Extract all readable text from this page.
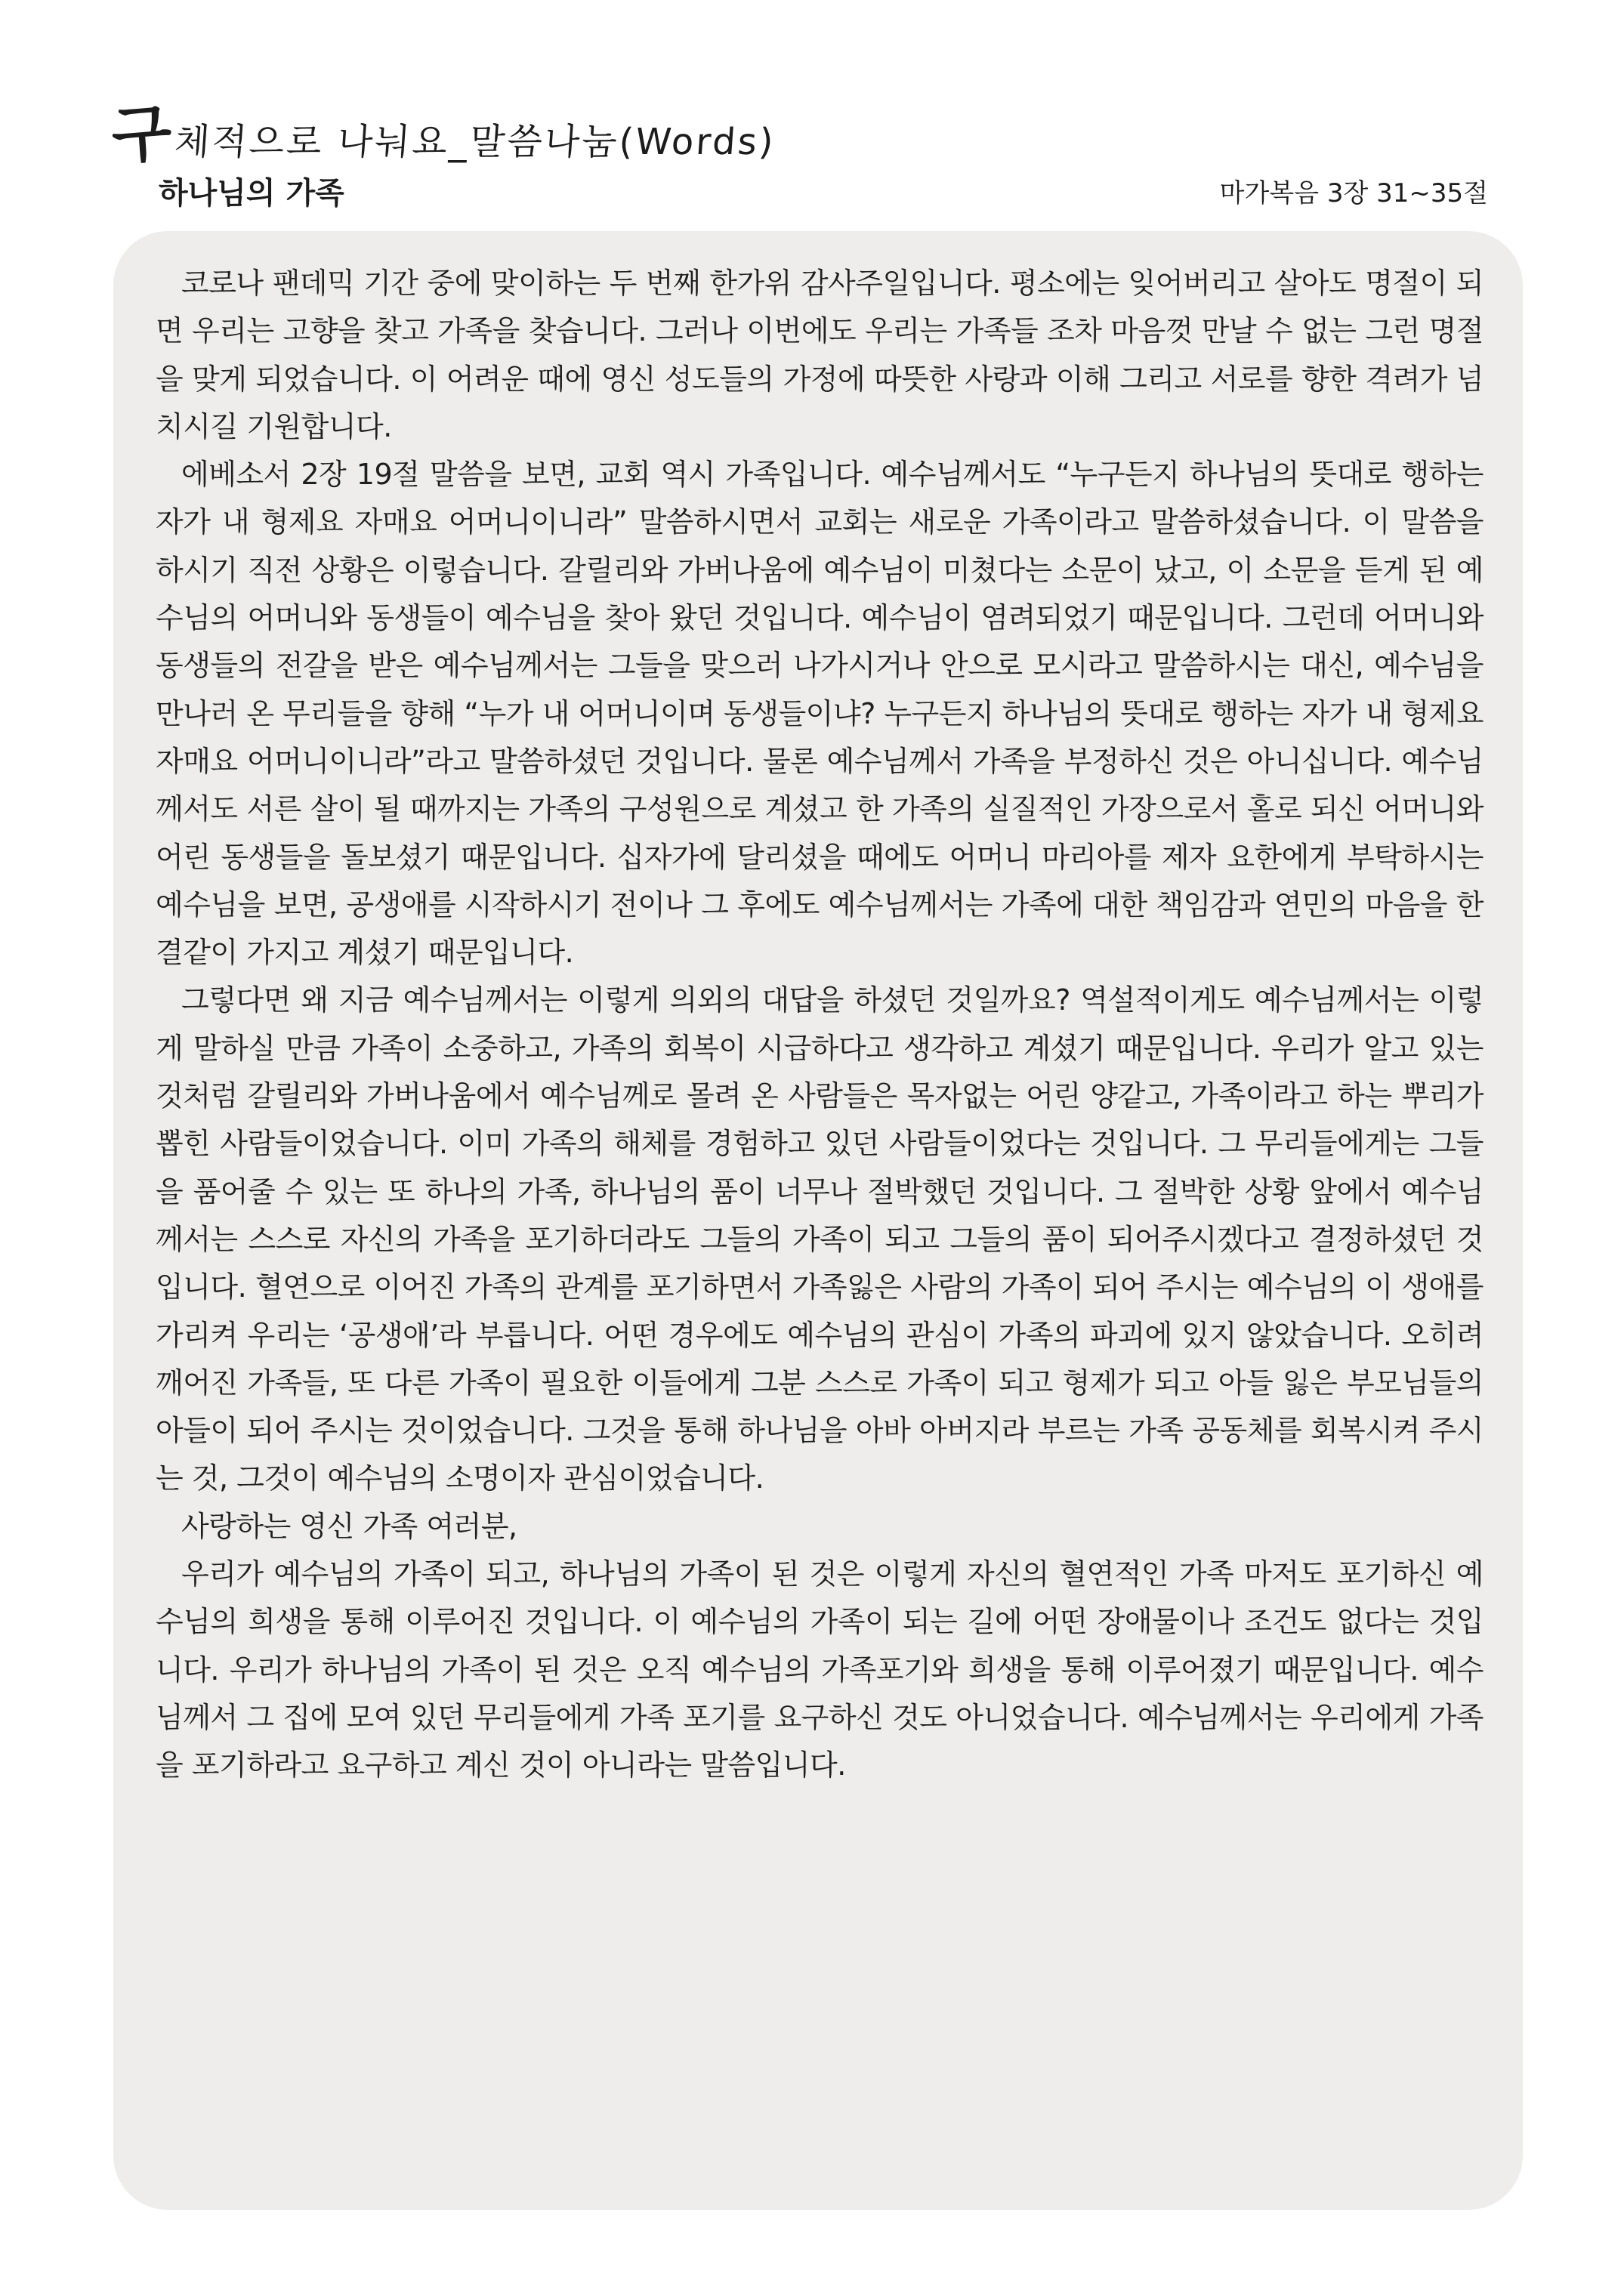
구 체적으로 나눠요_말씀나눔(Words)
하나님의 가족	마가복음 3장 31~35절

코로나 팬데믹 기간 중에 맞이하는 두 번째 한가위 감사주일입니다. 평소에는 잊어버리고 살아도 명절이 되면 우리는 고향을 찾고 가족을 찾습니다. 그러나 이번에도 우리는 가족들 조차 마음껏 만날 수 없는 그런 명절을 맞게 되었습니다. 이 어려운 때에 영신 성도들의 가정에 따뜻한 사랑과 이해 그리고 서로를 향한 격려가 넘치시길 기원합니다.

에베소서 2장 19절 말씀을 보면, 교회 역시 가족입니다. 예수님께서도 “누구든지 하나님의 뜻대로 행하는 자가 내 형제요 자매요 어머니이니라” 말씀하시면서 교회는 새로운 가족이라고 말씀하셨습니다. 이 말씀을 하시기 직전 상황은 이렇습니다. 갈릴리와 가버나움에 예수님이 미쳤다는 소문이 났고, 이 소문을 듣게 된 예수님의 어머니와 동생들이 예수님을 찾아 왔던 것입니다. 예수님이 염려되었기 때문입니다. 그런데 어머니와 동생들의 전갈을 받은 예수님께서는 그들을 맞으러 나가시거나 안으로 모시라고 말씀하시는 대신, 예수님을 만나러 온 무리들을 향해 “누가 내 어머니이며 동생들이냐? 누구든지 하나님의 뜻대로 행하는 자가 내 형제요 자매요 어머니이니라”라고 말씀하셨던 것입니다. 물론 예수님께서 가족을 부정하신 것은 아니십니다. 예수님께서도 서른 살이 될 때까지는 가족의 구성원으로 계셨고 한 가족의 실질적인 가장으로서 홀로 되신 어머니와 어린 동생들을 돌보셨기 때문입니다. 십자가에 달리셨을 때에도 어머니 마리아를 제자 요한에게 부탁하시는 예수님을 보면, 공생애를 시작하시기 전이나 그 후에도 예수님께서는 가족에 대한 책임감과 연민의 마음을 한결같이 가지고 계셨기 때문입니다.

그렇다면 왜 지금 예수님께서는 이렇게 의외의 대답을 하셨던 것일까요? 역설적이게도 예수님께서는 이렇게 말하실 만큼 가족이 소중하고, 가족의 회복이 시급하다고 생각하고 계셨기 때문입니다. 우리가 알고 있는 것처럼 갈릴리와 가버나움에서 예수님께로 몰려 온 사람들은 목자없는 어린 양같고, 가족이라고 하는 뿌리가 뽑힌 사람들이었습니다. 이미 가족의 해체를 경험하고 있던 사람들이었다는 것입니다. 그 무리들에게는 그들을 품어줄 수 있는 또 하나의 가족, 하나님의 품이 너무나 절박했던 것입니다. 그 절박한 상황 앞에서 예수님께서는 스스로 자신의 가족을 포기하더라도 그들의 가족이 되고 그들의 품이 되어주시겠다고 결정하셨던 것입니다. 혈연으로 이어진 가족의 관계를 포기하면서 가족잃은 사람의 가족이 되어 주시는 예수님의 이 생애를 가리켜 우리는 ‘공생애’라 부릅니다. 어떤 경우에도 예수님의 관심이 가족의 파괴에 있지 않았습니다. 오히려 깨어진 가족들, 또 다른 가족이 필요한 이들에게 그분 스스로 가족이 되고 형제가 되고 아들 잃은 부모님들의 아들이 되어 주시는 것이었습니다. 그것을 통해 하나님을 아바 아버지라 부르는 가족 공동체를 회복시켜 주시는 것, 그것이 예수님의 소명이자 관심이었습니다.

사랑하는 영신 가족 여러분,

우리가 예수님의 가족이 되고, 하나님의 가족이 된 것은 이렇게 자신의 혈연적인 가족 마저도 포기하신 예수님의 희생을 통해 이루어진 것입니다. 이 예수님의 가족이 되는 길에 어떤 장애물이나 조건도 없다는 것입니다. 우리가 하나님의 가족이 된 것은 오직 예수님의 가족포기와 희생을 통해 이루어졌기 때문입니다. 예수님께서 그 집에 모여 있던 무리들에게 가족 포기를 요구하신 것도 아니었습니다. 예수님께서는 우리에게 가족을 포기하라고 요구하고 계신 것이 아니라는 말씀입니다.
